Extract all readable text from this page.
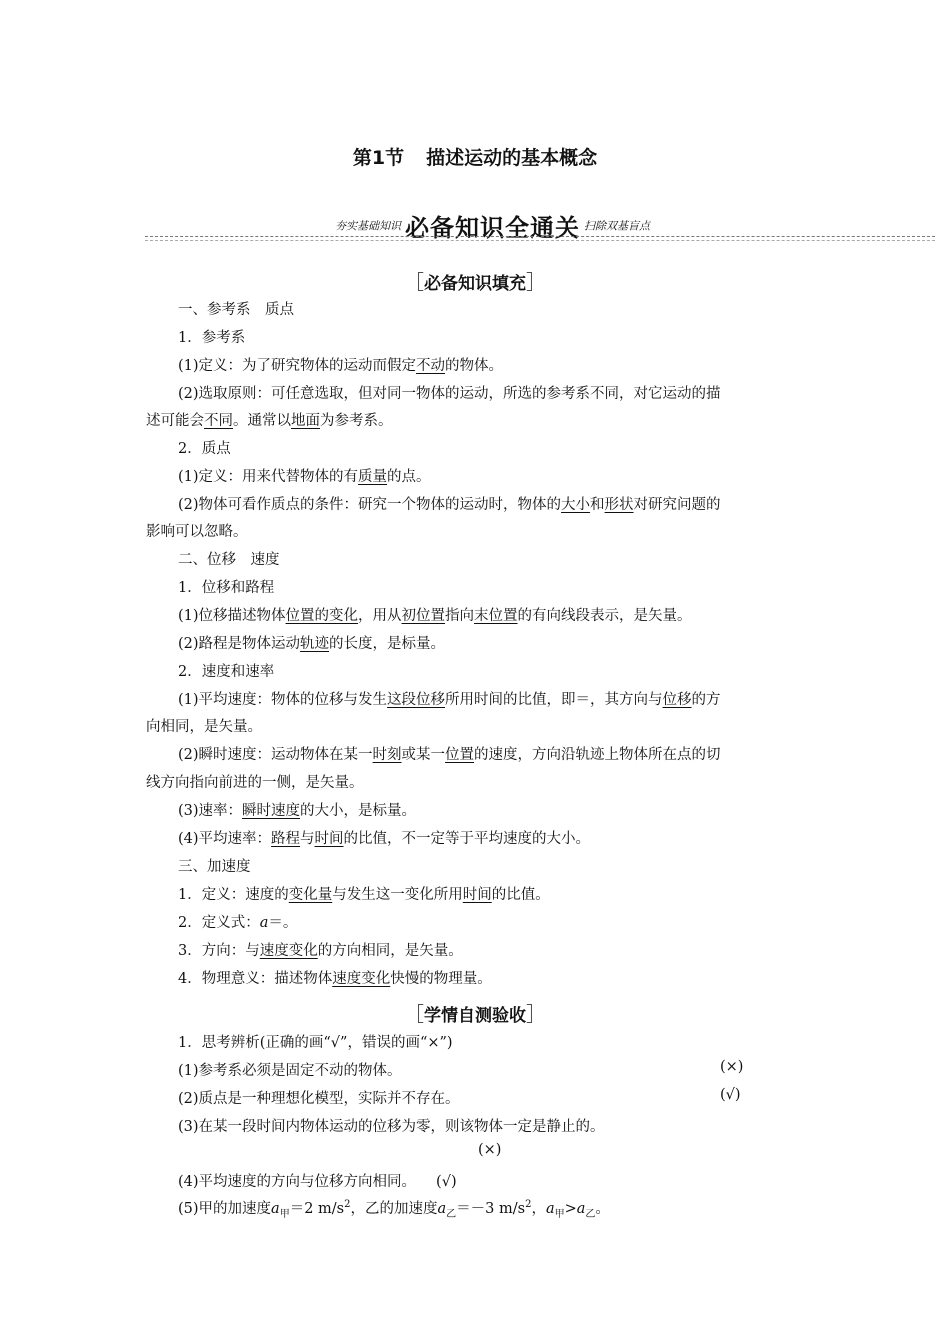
第1节 描述运动的基本概念
夯实基础知识 必备知识全通关 扫除双基盲点
［必备知识填充］
一、参考系　质点
1．参考系
(1)定义：为了研究物体的运动而假定不动的物体。
(2)选取原则：可任意选取，但对同一物体的运动，所选的参考系不同，对它运动的描
述可能会不同。通常以地面为参考系。
2．质点
(1)定义：用来代替物体的有质量的点。
(2)物体可看作质点的条件：研究一个物体的运动时，物体的大小和形状对研究问题的
影响可以忽略。
二、位移　速度
1．位移和路程
(1)位移描述物体位置的变化，用从初位置指向末位置的有向线段表示，是矢量。
(2)路程是物体运动轨迹的长度，是标量。
2．速度和速率
(1)平均速度：物体的位移与发生这段位移所用时间的比值，即＝，其方向与位移的方
向相同，是矢量。
(2)瞬时速度：运动物体在某一时刻或某一位置的速度，方向沿轨迹上物体所在点的切
线方向指向前进的一侧，是矢量。
(3)速率：瞬时速度的大小，是标量。
(4)平均速率：路程与时间的比值，不一定等于平均速度的大小。
三、加速度
1．定义：速度的变化量与发生这一变化所用时间的比值。
2．定义式：a＝。
3．方向：与速度变化的方向相同，是矢量。
4．物理意义：描述物体速度变化快慢的物理量。
［学情自测验收］
1．思考辨析(正确的画“√”，错误的画“×”)
(1)参考系必须是固定不动的物体。	(×)
(2)质点是一种理想化模型，实际并不存在。	(√)
(3)在某一段时间内物体运动的位移为零，则该物体一定是静止的。
(×)
(4)平均速度的方向与位移方向相同。 (√)
(5)甲的加速度$a_甲=2$ $m/s^2$，乙的加速度$a_乙=-3$ $m/s^2$，$a_甲>a_乙$。
